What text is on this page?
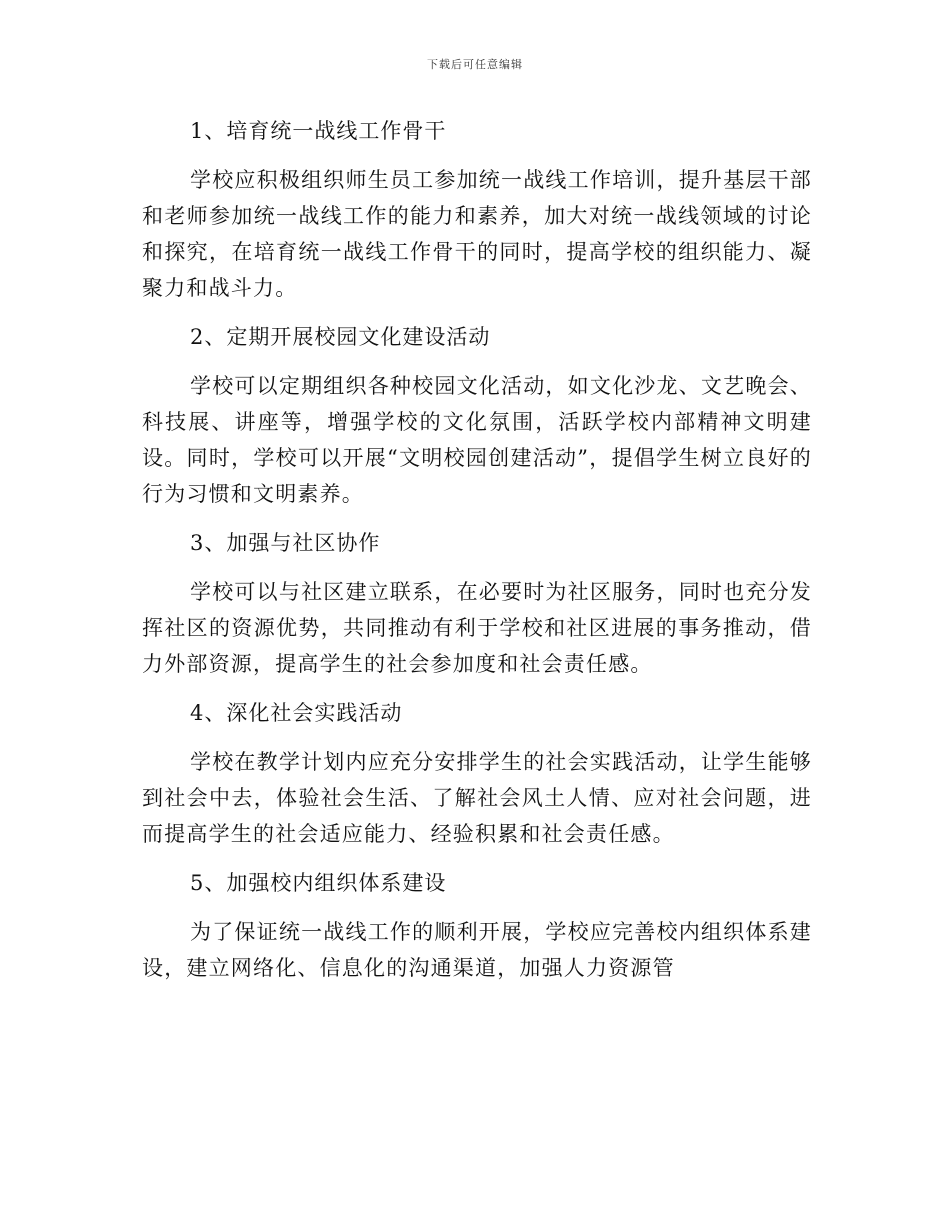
下载后可任意编辑
1、培育统一战线工作骨干
学校应积极组织师生员工参加统一战线工作培训，提升基层干部和老师参加统一战线工作的能力和素养，加大对统一战线领域的讨论和探究，在培育统一战线工作骨干的同时，提高学校的组织能力、凝聚力和战斗力。
2、定期开展校园文化建设活动
学校可以定期组织各种校园文化活动，如文化沙龙、文艺晚会、科技展、讲座等，增强学校的文化氛围，活跃学校内部精神文明建设。同时，学校可以开展“文明校园创建活动”，提倡学生树立良好的行为习惯和文明素养。
3、加强与社区协作
学校可以与社区建立联系，在必要时为社区服务，同时也充分发挥社区的资源优势，共同推动有利于学校和社区进展的事务推动，借力外部资源，提高学生的社会参加度和社会责任感。
4、深化社会实践活动
学校在教学计划内应充分安排学生的社会实践活动，让学生能够到社会中去，体验社会生活、了解社会风土人情、应对社会问题，进而提高学生的社会适应能力、经验积累和社会责任感。
5、加强校内组织体系建设
为了保证统一战线工作的顺利开展，学校应完善校内组织体系建设，建立网络化、信息化的沟通渠道，加强人力资源管
